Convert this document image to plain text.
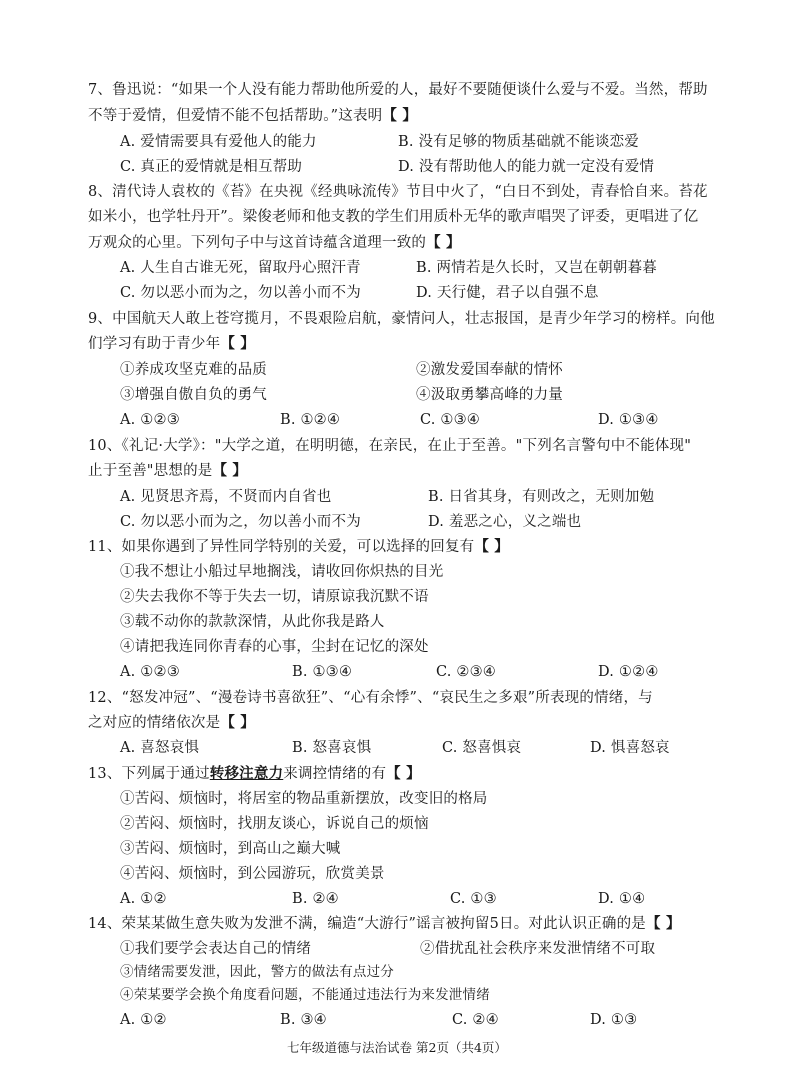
7、鲁迅说：“如果一个人没有能力帮助他所爱的人，最好不要随便谈什么爱与不爱。当然，帮助
不等于爱情，但爱情不能不包括帮助。”这表明【 】
A. 爱情需要具有爱他人的能力	B. 没有足够的物质基础就不能谈恋爱
C. 真正的爱情就是相互帮助	D. 没有帮助他人的能力就一定没有爱情
8、清代诗人袁枚的《苔》在央视《经典咏流传》节目中火了，“白日不到处，青春恰自来。苔花
如米小，也学牡丹开”。梁俊老师和他支教的学生们用质朴无华的歌声唱哭了评委，更唱进了亿
万观众的心里。下列句子中与这首诗蕴含道理一致的【 】
A. 人生自古谁无死，留取丹心照汗青	B. 两情若是久长时，又岂在朝朝暮暮
C. 勿以恶小而为之，勿以善小而不为	D. 天行健，君子以自强不息
9、中国航天人敢上苍穹揽月，不畏艰险启航，豪情问人，壮志报国，是青少年学习的榜样。向他
们学习有助于青少年【 】
①养成攻坚克难的品质	②激发爱国奉献的情怀
③增强自傲自负的勇气	④汲取勇攀高峰的力量
A. ①②③	B. ①②④	C. ①③④	D. ①③④
10、《礼记·大学》："大学之道，在明明德，在亲民，在止于至善。"下列名言警句中不能体现"
止于至善"思想的是【 】
A. 见贤思齐焉，不贤而内自省也	B. 日省其身，有则改之，无则加勉
C. 勿以恶小而为之，勿以善小而不为	D. 羞恶之心，义之端也
11、如果你遇到了异性同学特别的关爱，可以选择的回复有【 】
①我不想让小船过早地搁浅，请收回你炽热的目光
②失去我你不等于失去一切，请原谅我沉默不语
③载不动你的款款深情，从此你我是路人
④请把我连同你青春的心事，尘封在记忆的深处
A. ①②③	B. ①③④	C. ②③④	D. ①②④
12、“怒发冲冠”、“漫卷诗书喜欲狂”、“心有余悸”、“哀民生之多艰”所表现的情绪，与
之对应的情绪依次是【 】
A. 喜怒哀惧	B. 怒喜哀惧	C. 怒喜惧哀	D. 惧喜怒哀
13、下列属于通过转移注意力来调控情绪的有【 】
①苦闷、烦恼时，将居室的物品重新摆放，改变旧的格局
②苦闷、烦恼时，找朋友谈心，诉说自己的烦恼
③苦闷、烦恼时，到高山之巅大喊
④苦闷、烦恼时，到公园游玩，欣赏美景
A. ①②	B. ②④	C. ①③	D. ①④
14、荣某某做生意失败为发泄不满，编造“大游行”谣言被拘留5日。对此认识正确的是【 】
①我们要学会表达自己的情绪	②借扰乱社会秩序来发泄情绪不可取
③情绪需要发泄，因此，警方的做法有点过分
④荣某要学会换个角度看问题，不能通过违法行为来发泄情绪
A. ①②	B. ③④	C. ②④	D. ①③
七年级道德与法治试卷 第2页（共4页）
